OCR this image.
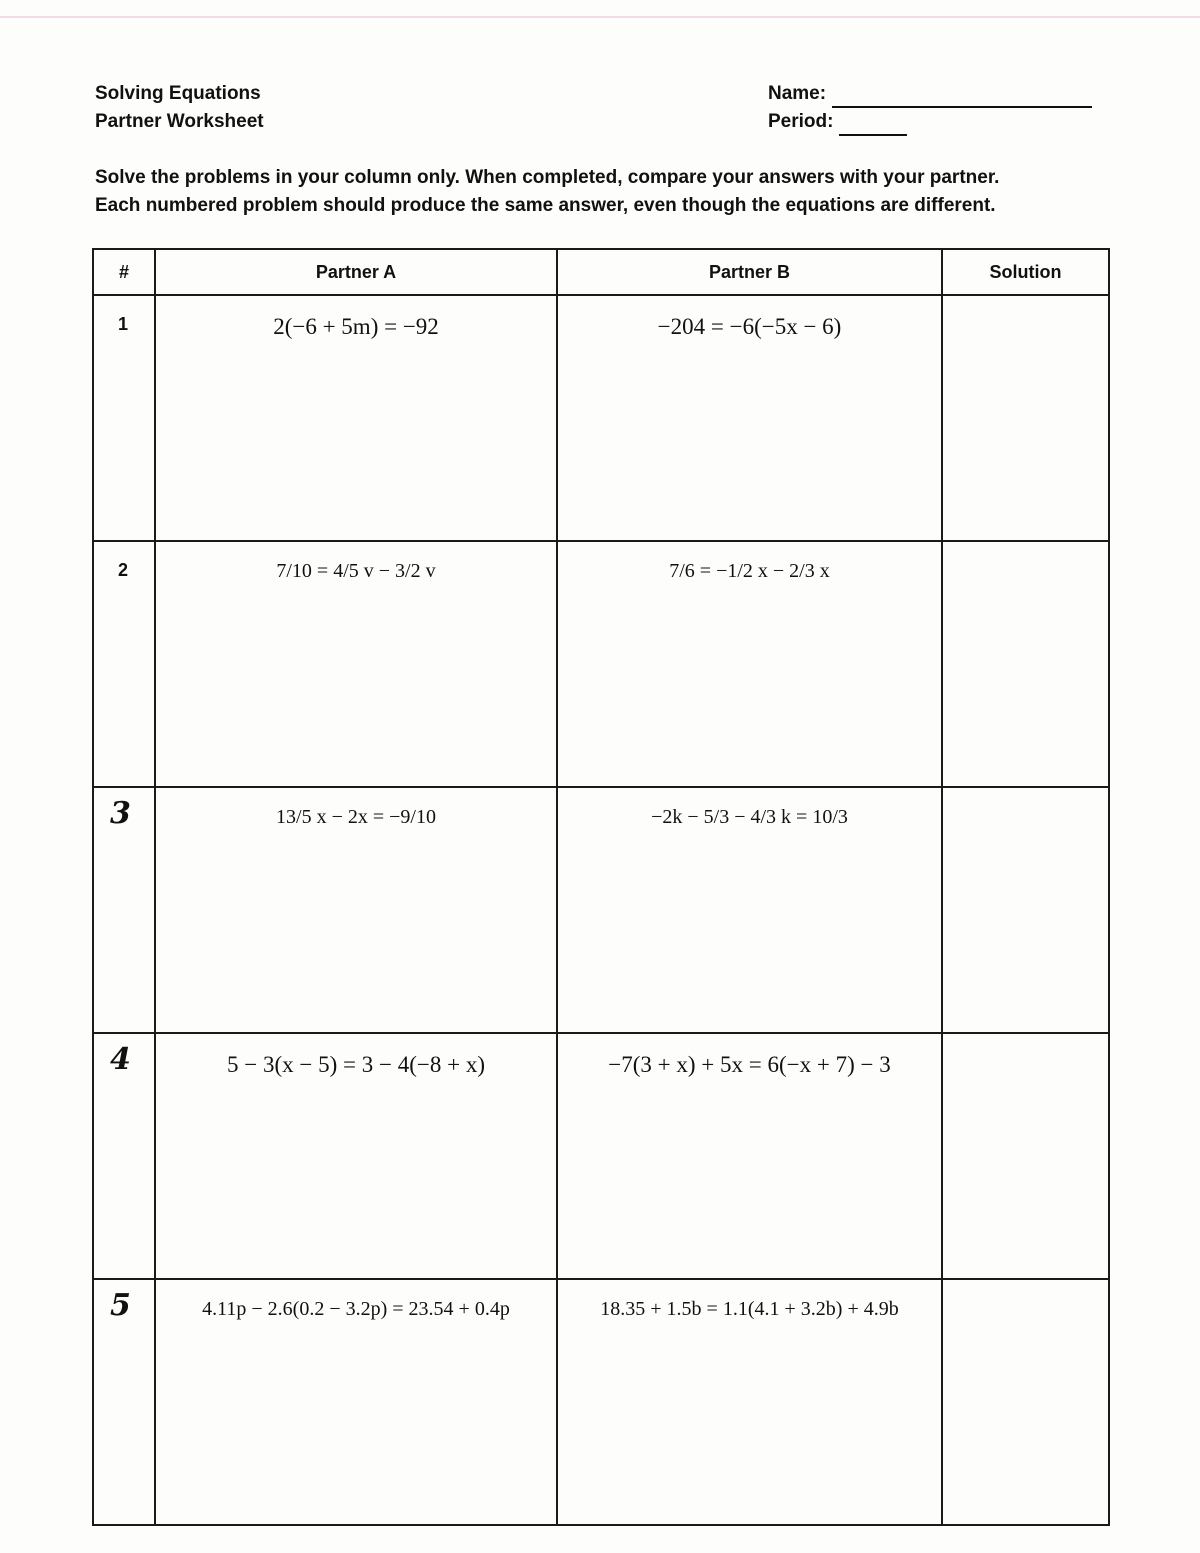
Solving Equations
Partner Worksheet
Name:
Period:
Solve the problems in your column only. When completed, compare your answers with your partner.
Each numbered problem should produce the same answer, even though the equations are different.
#	Partner A	Partner B	Solution
1	2(−6 + 5m) = −92	−204 = −6(−5x − 6)	
2	7/10 = 4/5 v − 3/2 v	7/6 = −1/2 x − 2/3 x	
3	13/5 x − 2x = −9/10	−2k − 5/3 − 4/3 k = 10/3	
4	5 − 3(x − 5) = 3 − 4(−8 + x)	−7(3 + x) + 5x = 6(−x + 7) − 3	
5	4.11p − 2.6(0.2 − 3.2p) = 23.54 + 0.4p	18.35 + 1.5b = 1.1(4.1 + 3.2b) + 4.9b	
